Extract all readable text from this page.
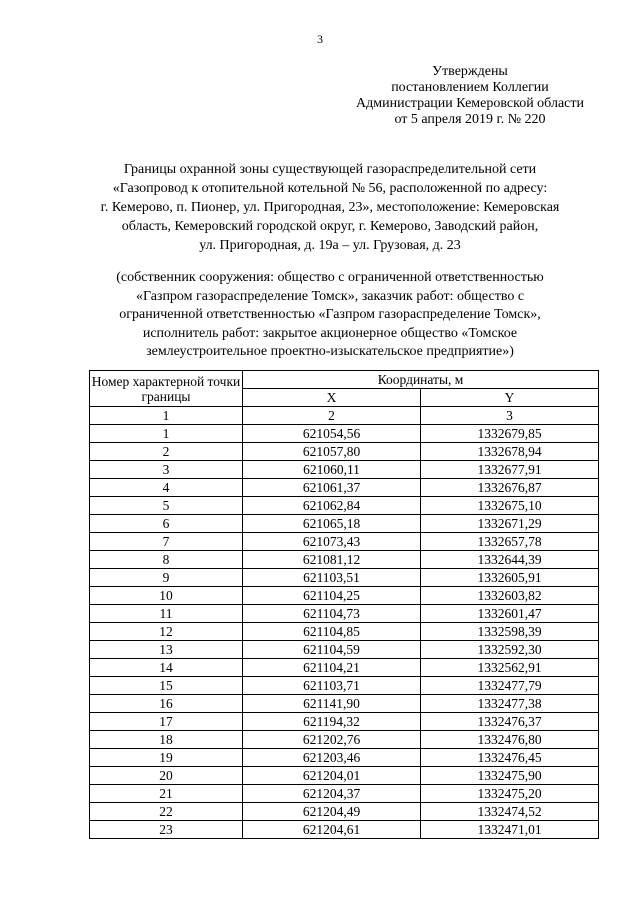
3
Утверждены
постановлением Коллегии
Администрации Кемеровской области
от 5 апреля 2019 г. № 220
Границы охранной зоны существующей газораспределительной сети
«Газопровод к отопительной котельной № 56, расположенной по адресу:
г. Кемерово, п. Пионер, ул. Пригородная, 23», местоположение: Кемеровская
область, Кемеровский городской округ, г. Кемерово, Заводский район,
ул. Пригородная, д. 19а – ул. Грузовая, д. 23
(собственник сооружения: общество с ограниченной ответственностью
«Газпром газораспределение Томск», заказчик работ: общество с
ограниченной ответственностью «Газпром газораспределение Томск»,
исполнитель работ: закрытое акционерное общество «Томское
землеустроительное проектно-изыскательское предприятие»)
Номер характерной точки границы	Координаты, м	
	X	Y
1	2	3
1	621054,56	1332679,85
2	621057,80	1332678,94
3	621060,11	1332677,91
4	621061,37	1332676,87
5	621062,84	1332675,10
6	621065,18	1332671,29
7	621073,43	1332657,78
8	621081,12	1332644,39
9	621103,51	1332605,91
10	621104,25	1332603,82
11	621104,73	1332601,47
12	621104,85	1332598,39
13	621104,59	1332592,30
14	621104,21	1332562,91
15	621103,71	1332477,79
16	621141,90	1332477,38
17	621194,32	1332476,37
18	621202,76	1332476,80
19	621203,46	1332476,45
20	621204,01	1332475,90
21	621204,37	1332475,20
22	621204,49	1332474,52
23	621204,61	1332471,01
